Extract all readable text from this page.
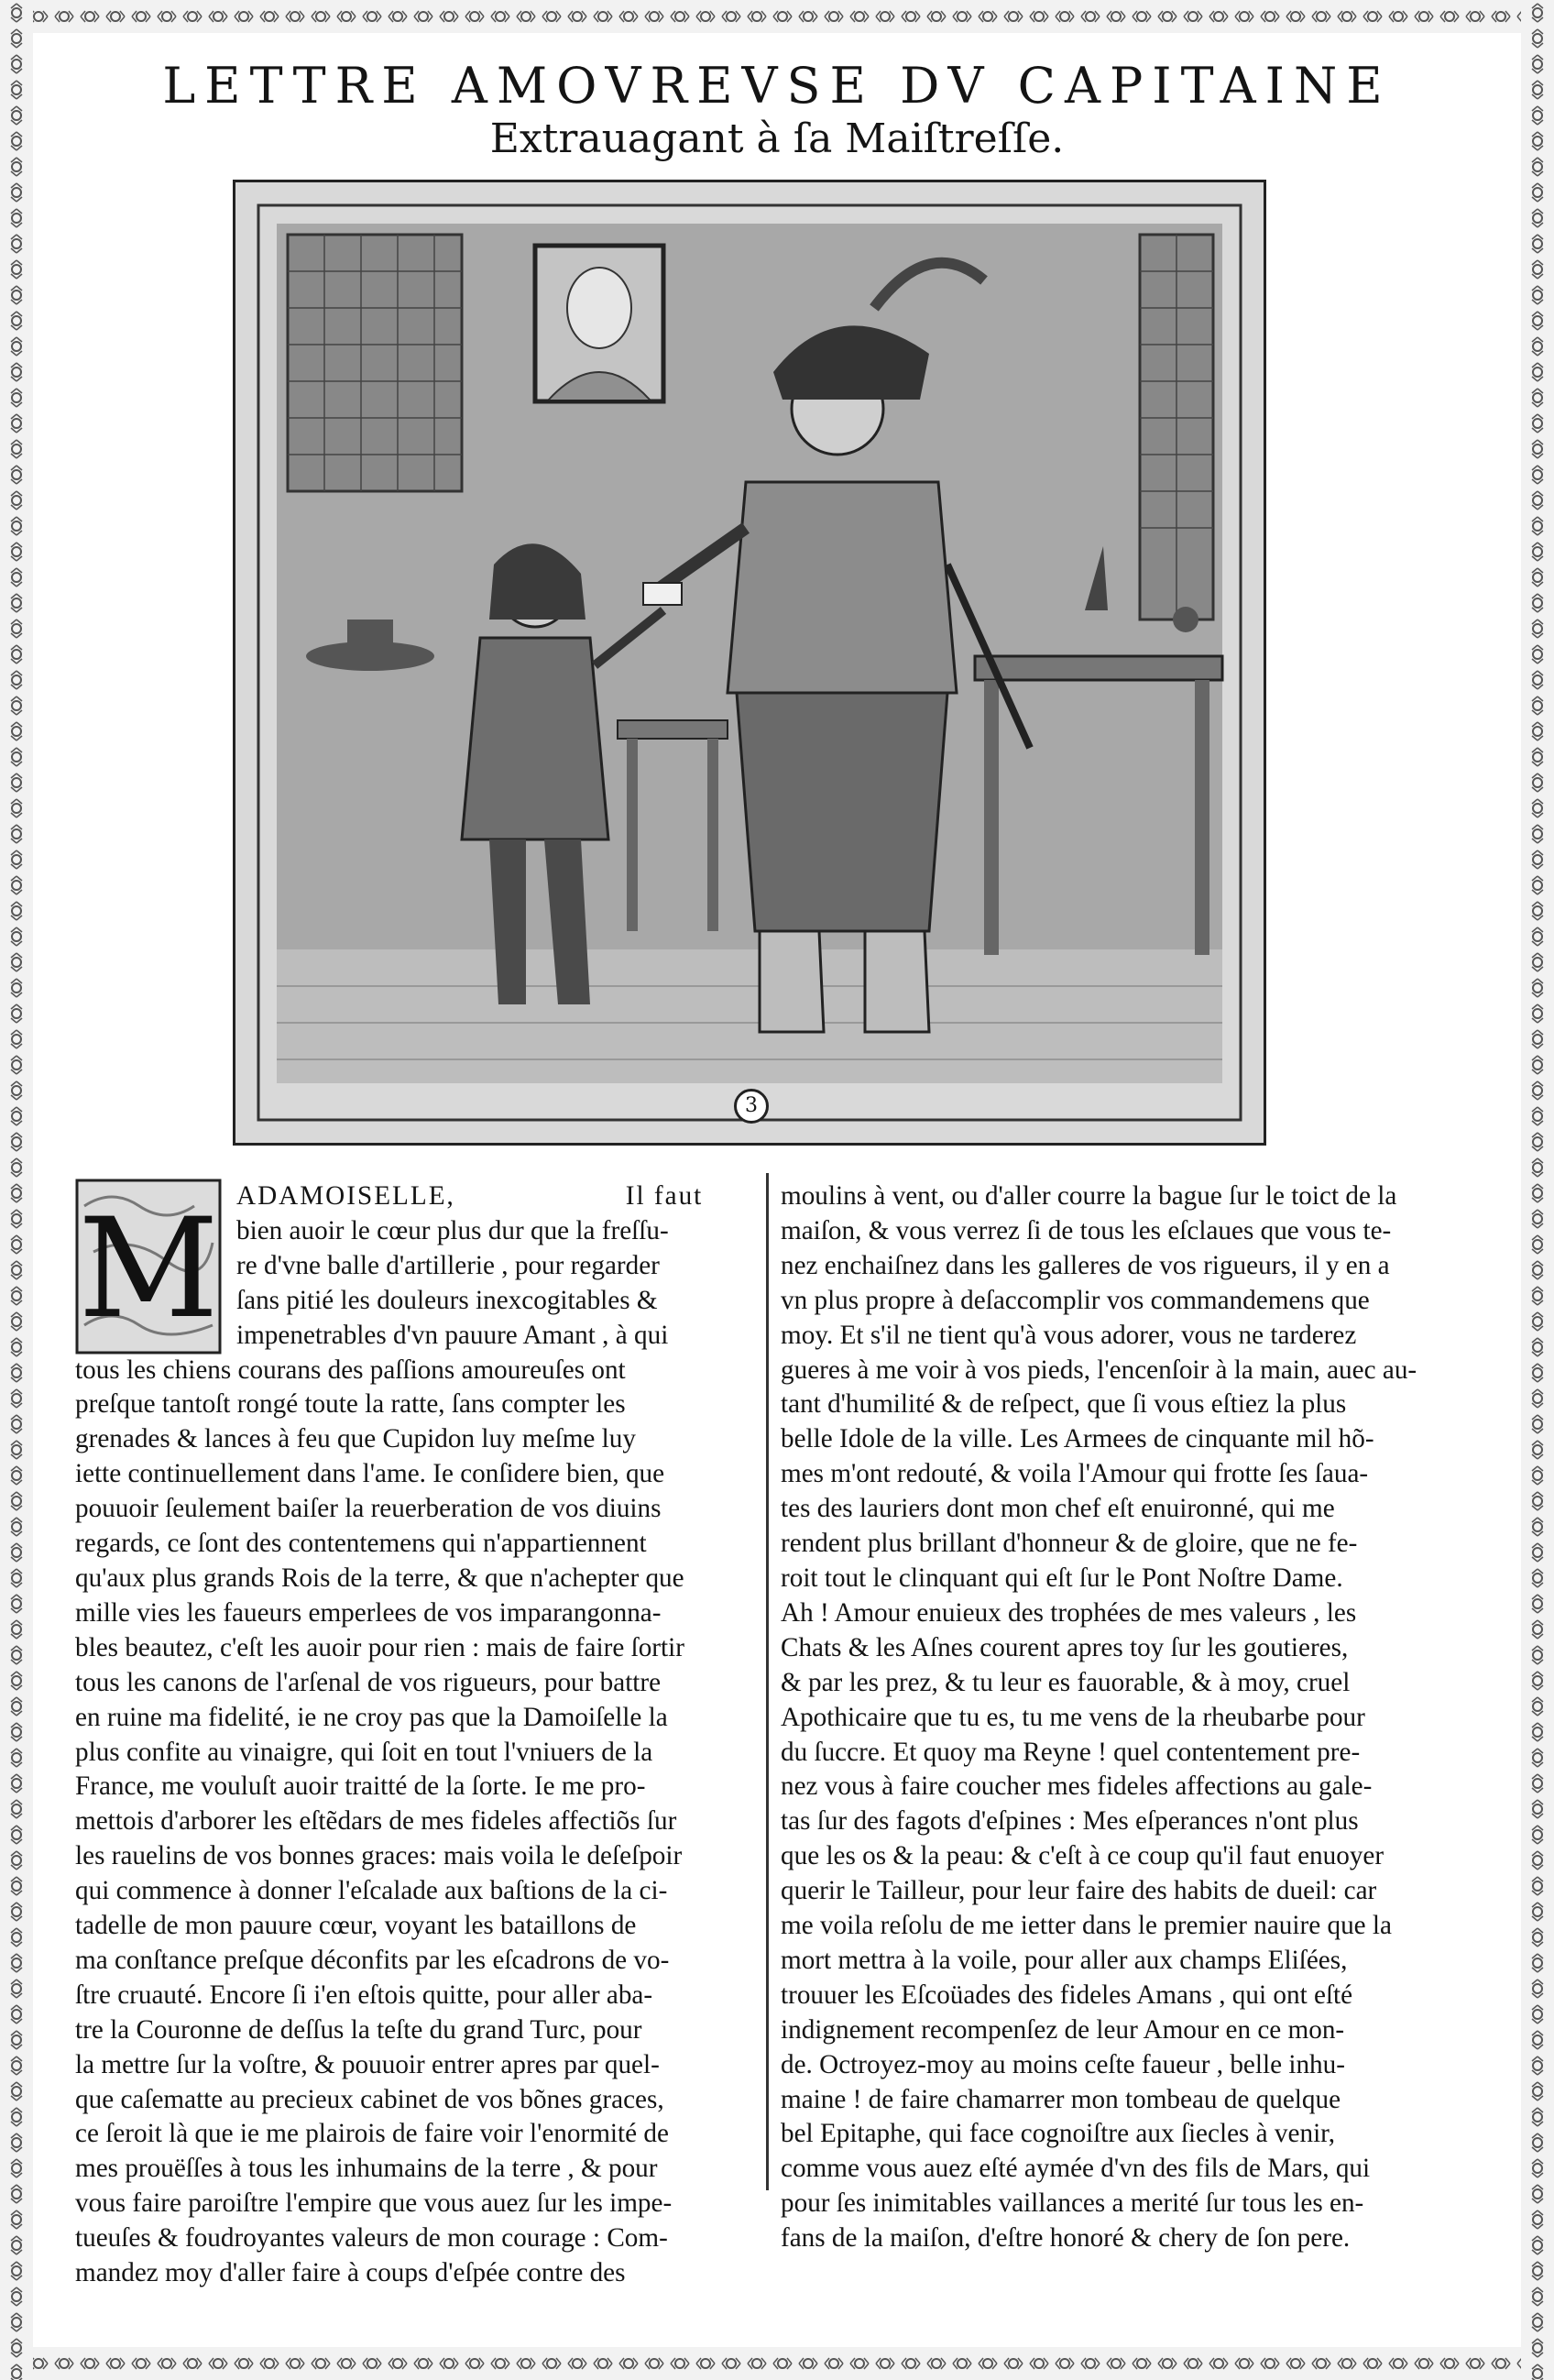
LETTRE AMOVREVSE DV CAPITAINE
Extrauagant à ſa Maiſtreſſe.
3
M ADAMOISELLE,                    Il faut
bien auoir le cœur plus dur que la freſſu-
re d'vne balle d'artillerie , pour regarder
ſans pitié les douleurs inexcogitables &
impenetrables d'vn pauure Amant , à qui
tous les chiens courans des paſſions amoureuſes ont
preſque tantoſt rongé toute la ratte, ſans compter les
grenades & lances à feu que Cupidon luy meſme luy
iette continuellement dans l'ame. Ie conſidere bien, que
pouuoir ſeulement baiſer la reuerberation de vos diuins
regards, ce ſont des contentemens qui n'appartiennent
qu'aux plus grands Rois de la terre, & que n'achepter que
mille vies les faueurs emperlees de vos imparangonna-
bles beautez, c'eſt les auoir pour rien : mais de faire ſortir
tous les canons de l'arſenal de vos rigueurs, pour battre
en ruine ma fidelité, ie ne croy pas que la Damoiſelle la
plus confite au vinaigre, qui ſoit en tout l'vniuers de la
France, me vouluſt auoir traitté de la ſorte. Ie me pro-
mettois d'arborer les eſtẽdars de mes fideles affectiõs ſur
les rauelins de vos bonnes graces: mais voila le deſeſpoir
qui commence à donner l'eſcalade aux baſtions de la ci-
tadelle de mon pauure cœur, voyant les bataillons de
ma conſtance preſque déconfits par les eſcadrons de vo-
ſtre cruauté. Encore ſi i'en eſtois quitte, pour aller aba-
tre la Couronne de deſſus la teſte du grand Turc, pour
la mettre ſur la voſtre, & pouuoir entrer apres par quel-
que caſematte au precieux cabinet de vos bõnes graces,
ce ſeroit là que ie me plairois de faire voir l'enormité de
mes prouëſſes à tous les inhumains de la terre , & pour
vous faire paroiſtre l'empire que vous auez ſur les impe-
tueuſes & foudroyantes valeurs de mon courage : Com-
mandez moy d'aller faire à coups d'eſpée contre des
moulins à vent, ou d'aller courre la bague ſur le toict de la
maiſon, & vous verrez ſi de tous les eſclaues que vous te-
nez enchaiſnez dans les galleres de vos rigueurs, il y en a
vn plus propre à deſaccomplir vos commandemens que
moy. Et s'il ne tient qu'à vous adorer, vous ne tarderez
gueres à me voir à vos pieds, l'encenſoir à la main, auec au-
tant d'humilité & de reſpect, que ſi vous eſtiez la plus
belle Idole de la ville. Les Armees de cinquante mil hõ-
mes m'ont redouté, & voila l'Amour qui frotte ſes ſaua-
tes des lauriers dont mon chef eſt enuironné, qui me
rendent plus brillant d'honneur & de gloire, que ne fe-
roit tout le clinquant qui eſt ſur le Pont Noſtre Dame.
Ah ! Amour enuieux des trophées de mes valeurs , les
Chats & les Aſnes courent apres toy ſur les goutieres,
& par les prez, & tu leur es fauorable, & à moy, cruel
Apothicaire que tu es, tu me vens de la rheubarbe pour
du ſuccre. Et quoy ma Reyne ! quel contentement pre-
nez vous à faire coucher mes fideles affections au gale-
tas ſur des fagots d'eſpines : Mes eſperances n'ont plus
que les os & la peau: & c'eſt à ce coup qu'il faut enuoyer
querir le Tailleur, pour leur faire des habits de dueil: car
me voila reſolu de me ietter dans le premier nauire que la
mort mettra à la voile, pour aller aux champs Eliſées,
trouuer les Eſcoüades des fideles Amans , qui ont eſté
indignement recompenſez de leur Amour en ce mon-
de. Octroyez-moy au moins ceſte faueur , belle inhu-
maine ! de faire chamarrer mon tombeau de quelque
bel Epitaphe, qui face cognoiſtre aux ſiecles à venir,
comme vous auez eſté aymée d'vn des fils de Mars, qui
pour ſes inimitables vaillances a merité ſur tous les en-
fans de la maiſon, d'eſtre honoré & chery de ſon pere.
